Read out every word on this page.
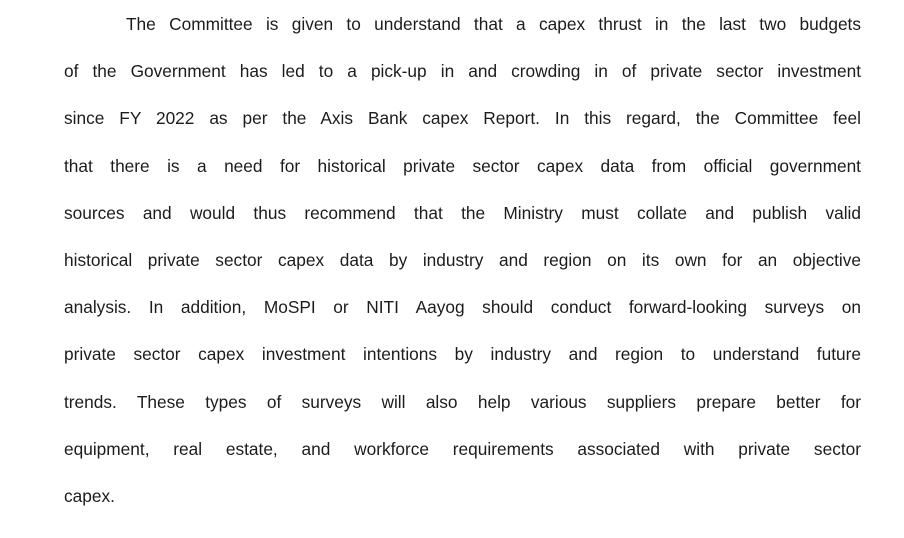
The Committee is given to understand that a capex thrust in the last two budgets
of the Government has led to a pick-up in and crowding in of private sector investment
since FY 2022 as per the Axis Bank capex Report. In this regard, the Committee feel
that there is a need for historical private sector capex data from official government
sources and would thus recommend that the Ministry must collate and publish valid
historical private sector capex data by industry and region on its own for an objective
analysis. In addition, MoSPI or NITI Aayog should conduct forward-looking surveys on
private sector capex investment intentions by industry and region to understand future
trends. These types of surveys will also help various suppliers prepare better for
equipment, real estate, and workforce requirements associated with private sector
capex.
